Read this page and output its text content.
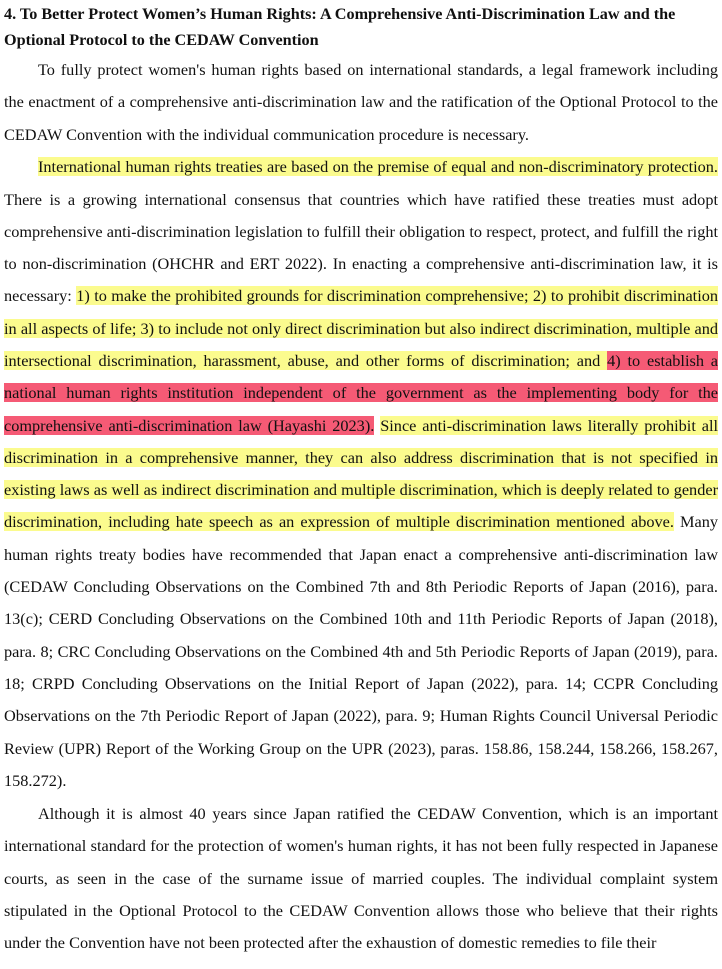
4. To Better Protect Women’s Human Rights: A Comprehensive Anti-Discrimination Law and the Optional Protocol to the CEDAW Convention

To fully protect women's human rights based on international standards, a legal framework including the enactment of a comprehensive anti-discrimination law and the ratification of the Optional Protocol to the CEDAW Convention with the individual communication procedure is necessary.

International human rights treaties are based on the premise of equal and non-discriminatory protection. There is a growing international consensus that countries which have ratified these treaties must adopt comprehensive anti-discrimination legislation to fulfill their obligation to respect, protect, and fulfill the right to non-discrimination (OHCHR and ERT 2022). In enacting a comprehensive anti-discrimination law, it is necessary: 1) to make the prohibited grounds for discrimination comprehensive; 2) to prohibit discrimination in all aspects of life; 3) to include not only direct discrimination but also indirect discrimination, multiple and intersectional discrimination, harassment, abuse, and other forms of discrimination; and 4) to establish a national human rights institution independent of the government as the implementing body for the comprehensive anti-discrimination law (Hayashi 2023). Since anti-discrimination laws literally prohibit all discrimination in a comprehensive manner, they can also address discrimination that is not specified in existing laws as well as indirect discrimination and multiple discrimination, which is deeply related to gender discrimination, including hate speech as an expression of multiple discrimination mentioned above. Many human rights treaty bodies have recommended that Japan enact a comprehensive anti-discrimination law (CEDAW Concluding Observations on the Combined 7th and 8th Periodic Reports of Japan (2016), para. 13(c); CERD Concluding Observations on the Combined 10th and 11th Periodic Reports of Japan (2018), para. 8; CRC Concluding Observations on the Combined 4th and 5th Periodic Reports of Japan (2019), para. 18; CRPD Concluding Observations on the Initial Report of Japan (2022), para. 14; CCPR Concluding Observations on the 7th Periodic Report of Japan (2022), para. 9; Human Rights Council Universal Periodic Review (UPR) Report of the Working Group on the UPR (2023), paras. 158.86, 158.244, 158.266, 158.267, 158.272).

Although it is almost 40 years since Japan ratified the CEDAW Convention, which is an important international standard for the protection of women's human rights, it has not been fully respected in Japanese courts, as seen in the case of the surname issue of married couples. The individual complaint system stipulated in the Optional Protocol to the CEDAW Convention allows those who believe that their rights under the Convention have not been protected after the exhaustion of domestic remedies to file their
